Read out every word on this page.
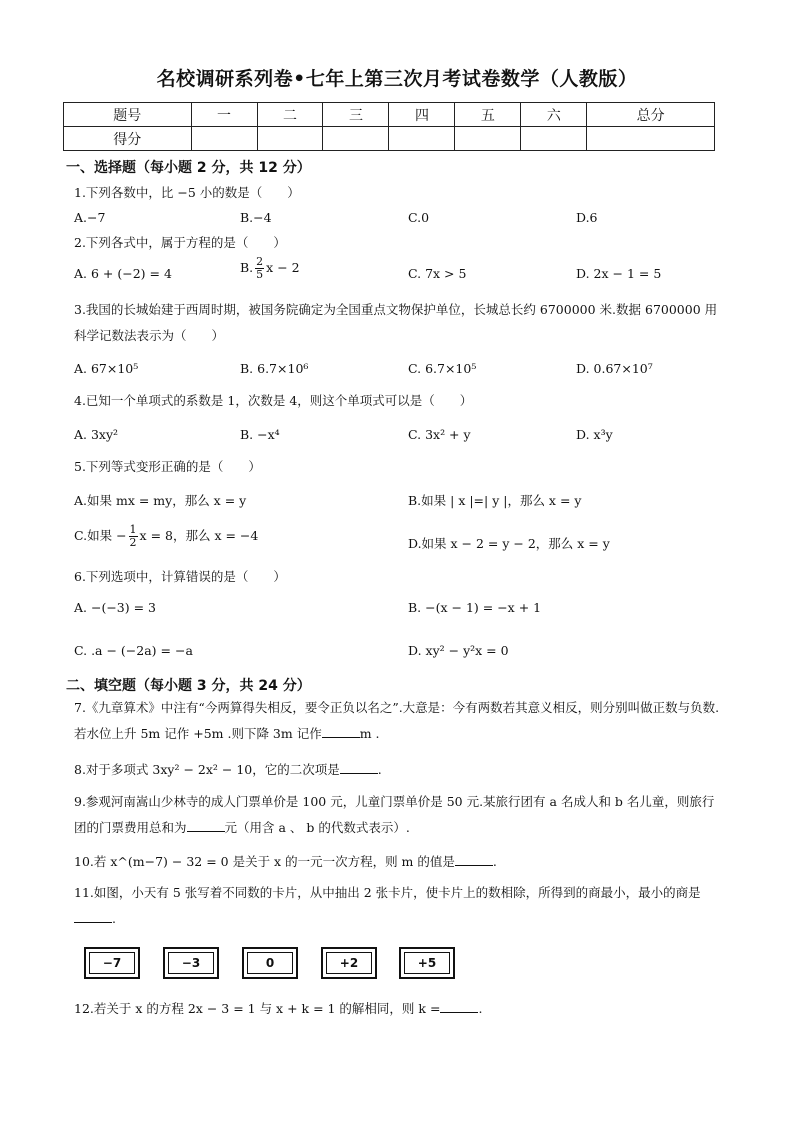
名校调研系列卷•七年上第三次月考试卷数学（人教版）
题号	一	二	三	四	五	六	总分
得分							
一、选择题（每小题 2 分，共 12 分）
1.下列各数中，比 −5 小的数是（　　）
A.−7	B.−4	C.0	D.6
2.下列各式中，属于方程的是（　　）
A. 6 + (−2) = 4	B. $\frac{2}{5}$ x − 2	C. 7x > 5	D. 2x − 1 = 5
3.我国的长城始建于西周时期，被国务院确定为全国重点文物保护单位，长城总长约 6700000 米.数据 6700000 用科学记数法表示为（　　）
A. 67×10⁵	B. 6.7×10⁶	C. 6.7×10⁵	D. 0.67×10⁷
4.已知一个单项式的系数是 1，次数是 4，则这个单项式可以是（　　）
A. 3xy²	B. −x⁴	C. 3x² + y	D. x³y
5.下列等式变形正确的是（　　）
A.如果 mx = my，那么 x = y	B.如果 | x |=| y |，那么 x = y
C.如果 − $\frac{1}{2}$ x = 8，那么 x = −4
D.如果 x − 2 = y − 2，那么 x = y
6.下列选项中，计算错误的是（　　）
A. −(−3) = 3	B. −(x − 1) = −x + 1
C. .a − (−2a) = −a	D. xy² − y²x = 0
二、填空题（每小题 3 分，共 24 分）
7.《九章算术》中注有“今两算得失相反，要令正负以名之”.大意是：今有两数若其意义相反，则分别叫做正数与负数.若水位上升 5m 记作 +5m .则下降 3m 记作	m .
8.对于多项式 3xy² − 2x² − 10，它的二次项是	.
9.参观河南嵩山少林寺的成人门票单价是 100 元，儿童门票单价是 50 元.某旅行团有 a 名成人和 b 名儿童，则旅行团的门票费用总和为	元（用含 a 、 b 的代数式表示）.
10.若 x^(m−7) − 32 = 0 是关于 x 的一元一次方程，则 m 的值是	.
11.如图，小天有 5 张写着不同数的卡片，从中抽出 2 张卡片，使卡片上的数相除，所得到的商最小，最小的商是.
−7	−3	0	+2	+5
12.若关于 x 的方程 2x − 3 = 1 与 x + k = 1 的解相同，则 k =	.
